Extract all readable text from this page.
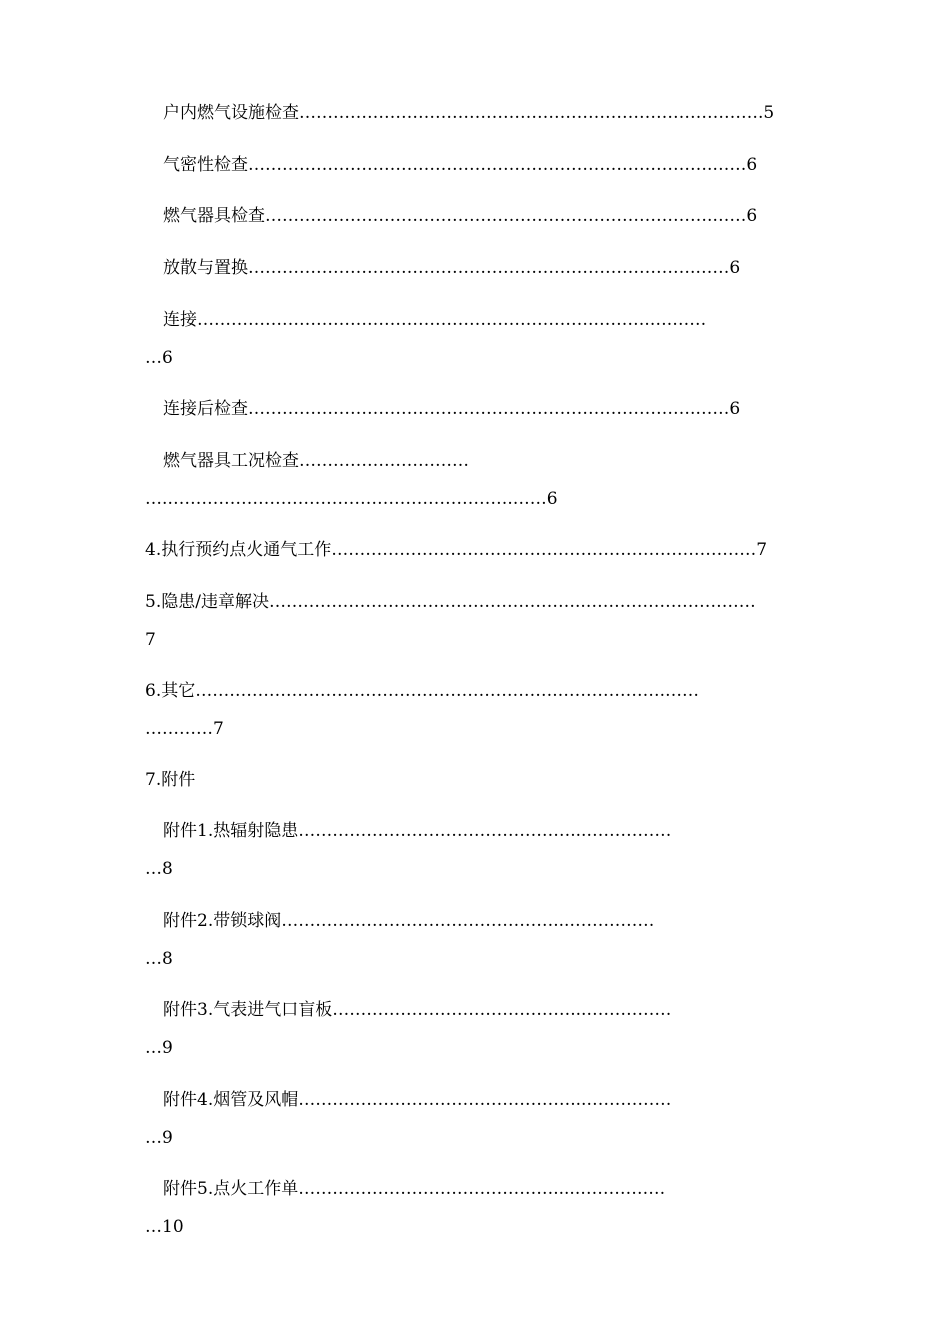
户内燃气设施检查……………………………………………………………………….5
气密性检查……………………………………………………………………….……6
燃气器具检查…………………………………………………………………….……6
放散与置换…………………………………………………………………….……6
连接…………………………………………………………….……….….……
…6
连接后检查…………………………………………………………………….……6
燃气器具工况检查…………………………
….…………………………………………………….……6
4.执行预约点火通气工作…………………………………………………………………7
5.隐患/违章解决………………………………………………..…………………………
7
6.其它……………………………………………………….……………….……
…………7
7.附件
附件1.热辐射隐患…………………………………………...……………
…8
附件2.带锁球阀…………………………………………...……………
…8
附件3.气表进气口盲板……………………………………...……………
…9
附件4.烟管及风帽…………………………………………...……………
…9
附件5.点火工作单……………………………………….....……………
…10
